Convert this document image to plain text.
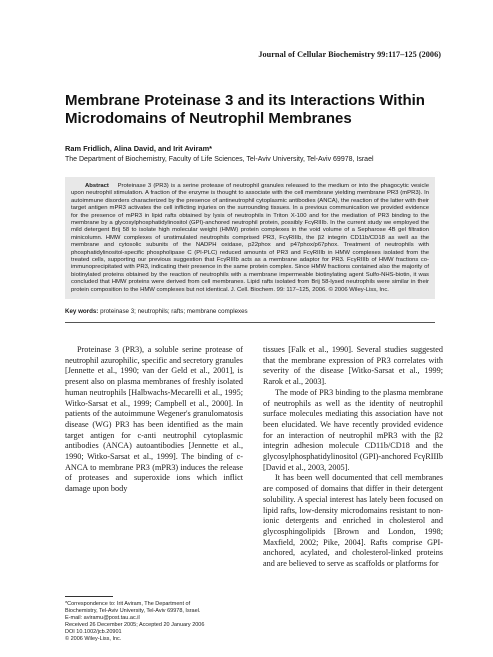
Journal of Cellular Biochemistry 99:117–125 (2006)
Membrane Proteinase 3 and its Interactions Within Microdomains of Neutrophil Membranes
Ram Fridlich, Alina David, and Irit Aviram*
The Department of Biochemistry, Faculty of Life Sciences, Tel-Aviv University, Tel-Aviv 69978, Israel
Abstract Proteinase 3 (PR3) is a serine protease of neutrophil granules released to the medium or into the phagocytic vesicle upon neutrophil stimulation. A fraction of the enzyme is thought to associate with the cell membrane yielding membrane PR3 (mPR3). In autoimmune disorders characterized by the presence of antineutrophil cytoplasmic antibodies (ANCA), the reaction of the latter with their target antigen mPR3 activates the cell inflicting injuries on the surrounding tissues. In a previous communication we provided evidence for the presence of mPR3 in lipid rafts obtained by lysis of neutrophils in Triton X-100 and for the mediation of PR3 binding to the membrane by a glycosylphosphatidylinositol (GPI)-anchored neutrophil protein, possibly FcγRIIIb. In the current study we employed the mild detergent Brij 58 to isolate high molecular weight (HMW) protein complexes in the void volume of a Sepharose 4B gel filtration minicolumn. HMW complexes of unstimulated neutrophils comprised PR3, FcγRIIIb, the β2 integrin CD11b/CD18 as well as the membrane and cytosolic subunits of the NADPH oxidase, p22phox and p47phox/p67phox. Treatment of neutrophils with phosphatidylinositol-specific phospholipase C (PI-PLC) reduced amounts of PR3 and FcγRIIIb in HMW complexes isolated from the treated cells, supporting our previous suggestion that FcγRIIIb acts as a membrane adaptor for PR3. FcγRIIIb of HMW fractions co-immunoprecipitated with PR3, indicating their presence in the same protein complex. Since HMW fractions contained also the majority of biotinylated proteins obtained by the reaction of neutrophils with a membrane impermeable biotinylating agent Sulfo-NHS-biotin, it was concluded that HMW proteins were derived from cell membranes. Lipid rafts isolated from Brij 58-lysed neutrophils were similar in their protein composition to the HMW complexes but not identical. J. Cell. Biochem. 99: 117–125, 2006. © 2006 Wiley-Liss, Inc.
Key words: proteinase 3; neutrophils; rafts; membrane complexes

Proteinase 3 (PR3), a soluble serine protease of neutrophil azurophilic, specific and secretory granules [Jennette et al., 1990; van der Geld et al., 2001], is present also on plasma membranes of freshly isolated human neutrophils [Halbwachs-Mecarelli et al., 1995; Witko-Sarsat et al., 1999; Campbell et al., 2000]. In patients of the autoimmune Wegener's granulomatosis disease (WG) PR3 has been identified as the main target antigen for c-anti neutrophil cytoplasmic antibodies (ANCA) autoantibodies [Jennette et al., 1990; Witko-Sarsat et al., 1999]. The binding of c-ANCA to membrane PR3 (mPR3) induces the release of proteases and superoxide ions which inflict damage upon body

tissues [Falk et al., 1990]. Several studies suggested that the membrane expression of PR3 correlates with severity of the disease [Witko-Sarsat et al., 1999; Rarok et al., 2003].

The mode of PR3 binding to the plasma membrane of neutrophils as well as the identity of neutrophil surface molecules mediating this association have not been elucidated. We have recently provided evidence for an interaction of neutrophil mPR3 with the β2 integrin adhesion molecule CD11b/CD18 and the glycosylphosphatidylinositol (GPI)-anchored FcγRIIIb [David et al., 2003, 2005].

It has been well documented that cell membranes are composed of domains that differ in their detergent solubility. A special interest has lately been focused on lipid rafts, low-density microdomains resistant to non-ionic detergents and enriched in cholesterol and glycosphingolipids [Brown and London, 1998; Maxfield, 2002; Pike, 2004]. Rafts comprise GPI-anchored, acylated, and cholesterol-linked proteins and are believed to serve as scaffolds or platforms for

*Correspondence to: Irit Aviram, The Department of
Biochemistry, Tel-Aviv University, Tel-Aviv 69978, Israel.
E-mail: aviramu@post.tau.ac.il
Received 26 December 2005; Accepted 20 January 2006
DOI 10.1002/jcb.20901
© 2006 Wiley-Liss, Inc.
